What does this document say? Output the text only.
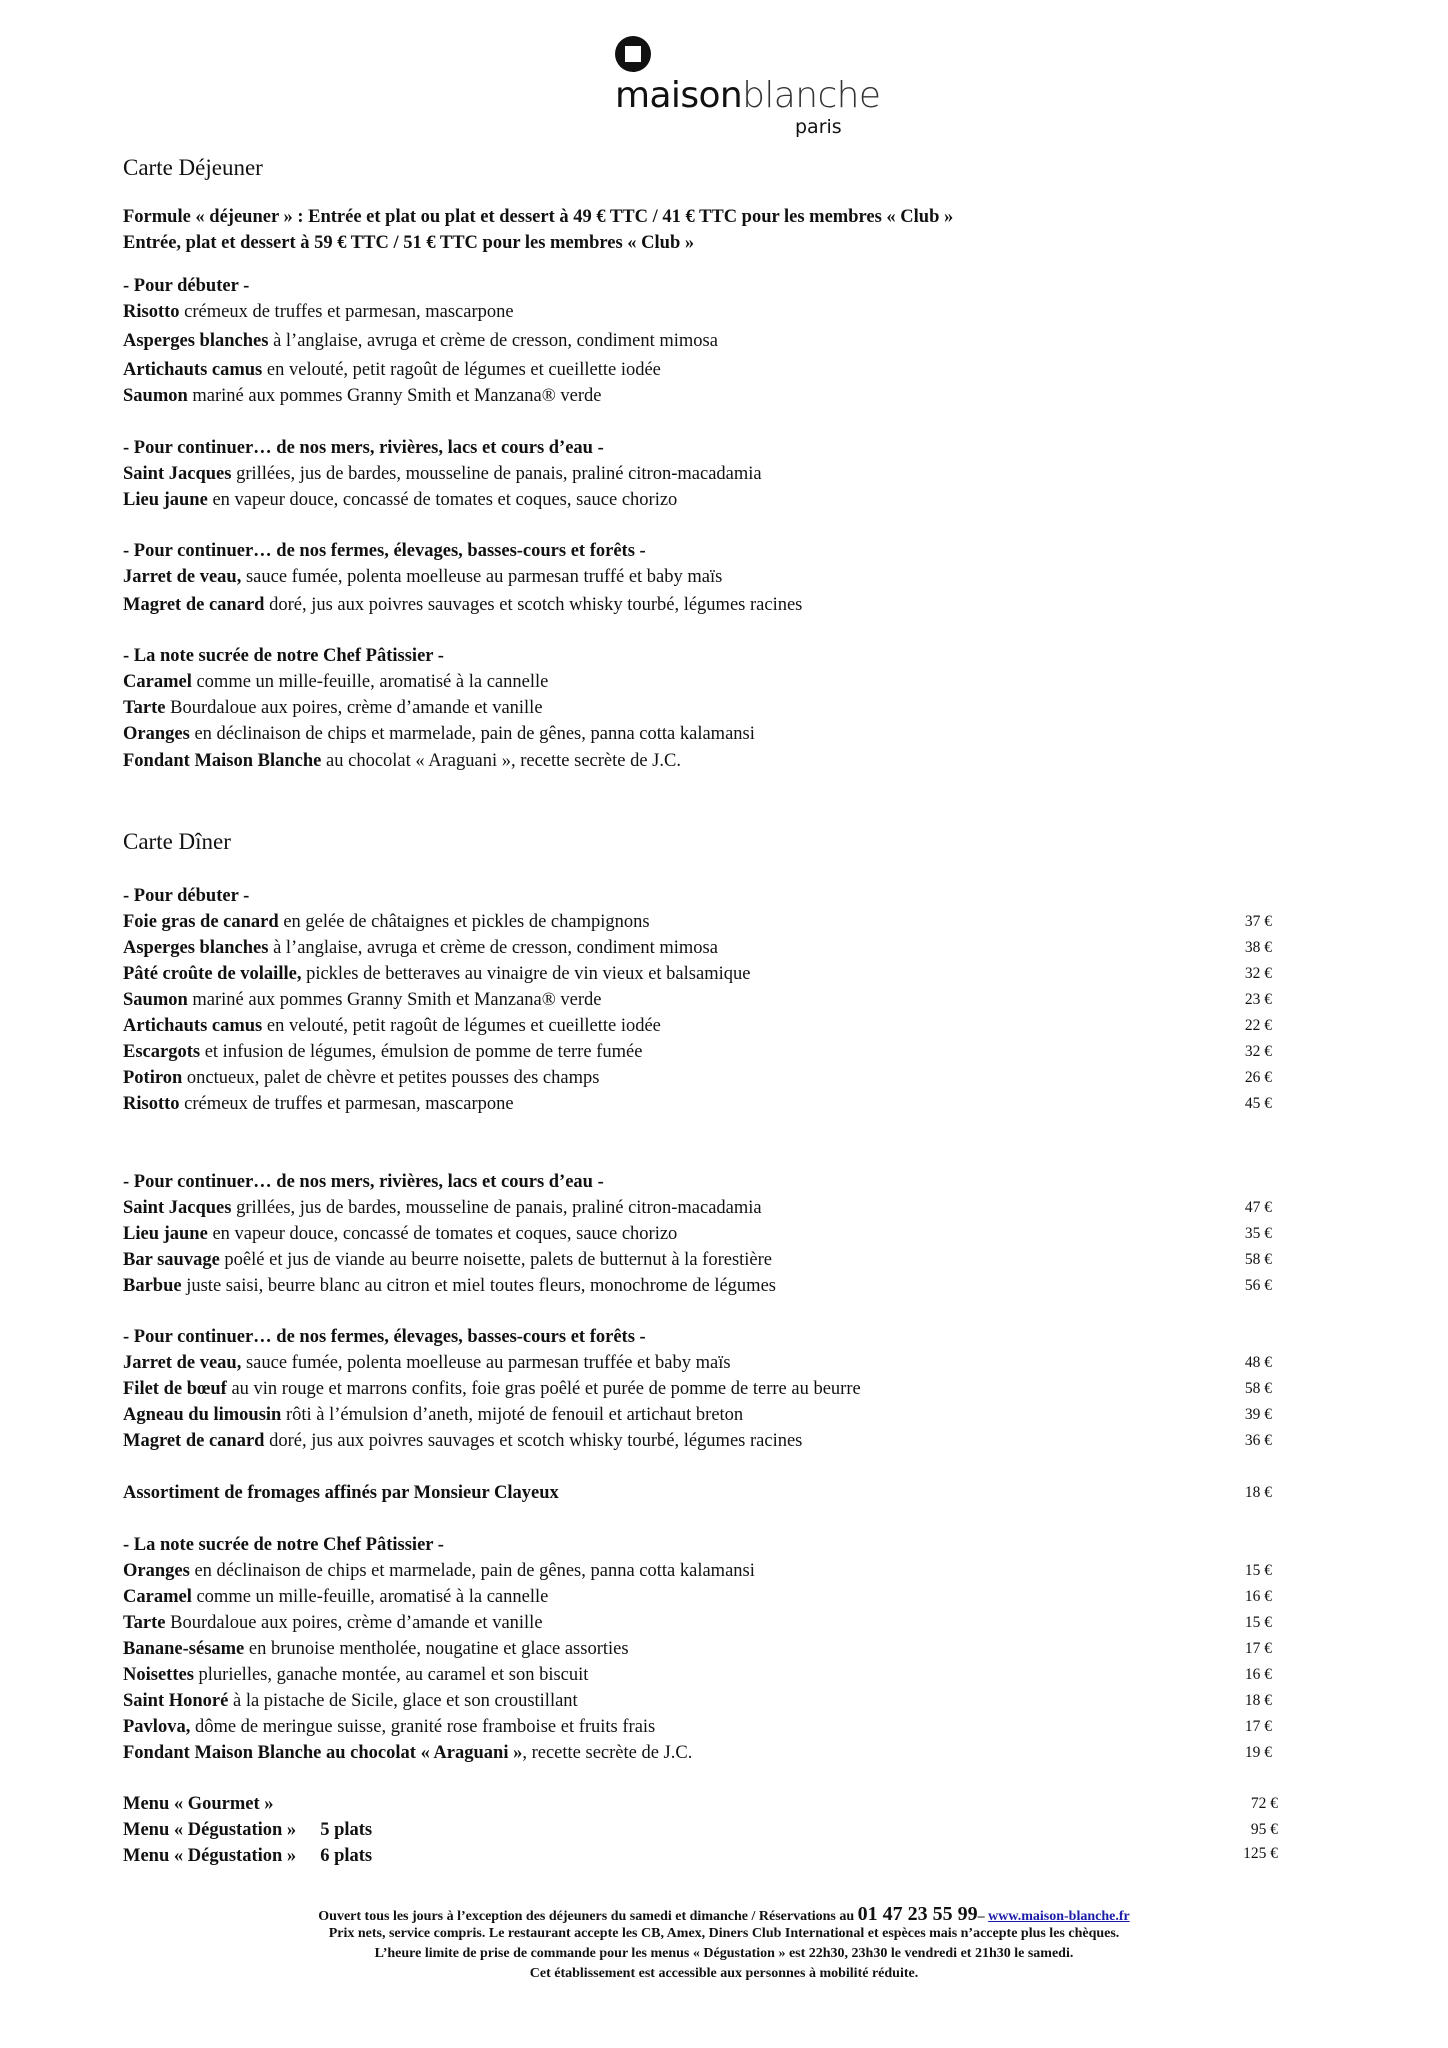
maisonblanche
paris
Carte Déjeuner
Formule « déjeuner » : Entrée et plat ou plat et dessert à 49 € TTC / 41 € TTC pour les membres « Club »
Entrée, plat et dessert à 59 € TTC / 51 € TTC pour les membres « Club »
- Pour débuter -
Risotto crémeux de truffes et parmesan, mascarpone
Asperges blanches à l’anglaise, avruga et crème de cresson, condiment mimosa
Artichauts camus en velouté, petit ragoût de légumes et cueillette iodée
Saumon mariné aux pommes Granny Smith et Manzana® verde
- Pour continuer… de nos mers, rivières, lacs et cours d’eau -
Saint Jacques grillées, jus de bardes, mousseline de panais, praliné citron-macadamia
Lieu jaune en vapeur douce, concassé de tomates et coques, sauce chorizo
- Pour continuer… de nos fermes, élevages, basses-cours et forêts -
Jarret de veau, sauce fumée, polenta moelleuse au parmesan truffé et baby maïs
Magret de canard doré, jus aux poivres sauvages et scotch whisky tourbé, légumes racines
- La note sucrée de notre Chef Pâtissier -
Caramel comme un mille-feuille, aromatisé à la cannelle
Tarte Bourdaloue aux poires, crème d’amande et vanille
Oranges en déclinaison de chips et marmelade, pain de gênes, panna cotta kalamansi
Fondant Maison Blanche au chocolat « Araguani », recette secrète de J.C.
Carte Dîner
- Pour débuter -
Foie gras de canard en gelée de châtaignes et pickles de champignons	37 €
Asperges blanches à l’anglaise, avruga et crème de cresson, condiment mimosa	38 €
Pâté croûte de volaille, pickles de betteraves au vinaigre de vin vieux et balsamique	32 €
Saumon mariné aux pommes Granny Smith et Manzana® verde	23 €
Artichauts camus en velouté, petit ragoût de légumes et cueillette iodée	22 €
Escargots et infusion de légumes, émulsion de pomme de terre fumée	32 €
Potiron onctueux, palet de chèvre et petites pousses des champs	26 €
Risotto crémeux de truffes et parmesan, mascarpone	45 €
- Pour continuer… de nos mers, rivières, lacs et cours d’eau -
Saint Jacques grillées, jus de bardes, mousseline de panais, praliné citron-macadamia	47 €
Lieu jaune en vapeur douce, concassé de tomates et coques, sauce chorizo	35 €
Bar sauvage poêlé et jus de viande au beurre noisette, palets de butternut à la forestière	58 €
Barbue juste saisi, beurre blanc au citron et miel toutes fleurs, monochrome de légumes	56 €
- Pour continuer… de nos fermes, élevages, basses-cours et forêts -
Jarret de veau, sauce fumée, polenta moelleuse au parmesan truffée et baby maïs	48 €
Filet de bœuf au vin rouge et marrons confits, foie gras poêlé et purée de pomme de terre au beurre	58 €
Agneau du limousin rôti à l’émulsion d’aneth, mijoté de fenouil et artichaut breton	39 €
Magret de canard doré, jus aux poivres sauvages et scotch whisky tourbé, légumes racines	36 €
Assortiment de fromages affinés par Monsieur Clayeux	18 €
- La note sucrée de notre Chef Pâtissier -
Oranges en déclinaison de chips et marmelade, pain de gênes, panna cotta kalamansi	15 €
Caramel comme un mille-feuille, aromatisé à la cannelle	16 €
Tarte Bourdaloue aux poires, crème d’amande et vanille	15 €
Banane-sésame en brunoise mentholée, nougatine et glace assorties	17 €
Noisettes plurielles, ganache montée, au caramel et son biscuit	16 €
Saint Honoré à la pistache de Sicile, glace et son croustillant	18 €
Pavlova, dôme de meringue suisse, granité rose framboise et fruits frais	17 €
Fondant Maison Blanche au chocolat « Araguani », recette secrète de J.C.	19 €
Menu « Gourmet »	72 €
Menu « Dégustation » 5 plats	95 €
Menu « Dégustation » 6 plats	125 €
Ouvert tous les jours à l’exception des déjeuners du samedi et dimanche / Réservations au 01 47 23 55 99– www.maison-blanche.fr
Prix nets, service compris. Le restaurant accepte les CB, Amex, Diners Club International et espèces mais n’accepte plus les chèques.
L’heure limite de prise de commande pour les menus « Dégustation » est 22h30, 23h30 le vendredi et 21h30 le samedi.
Cet établissement est accessible aux personnes à mobilité réduite.
